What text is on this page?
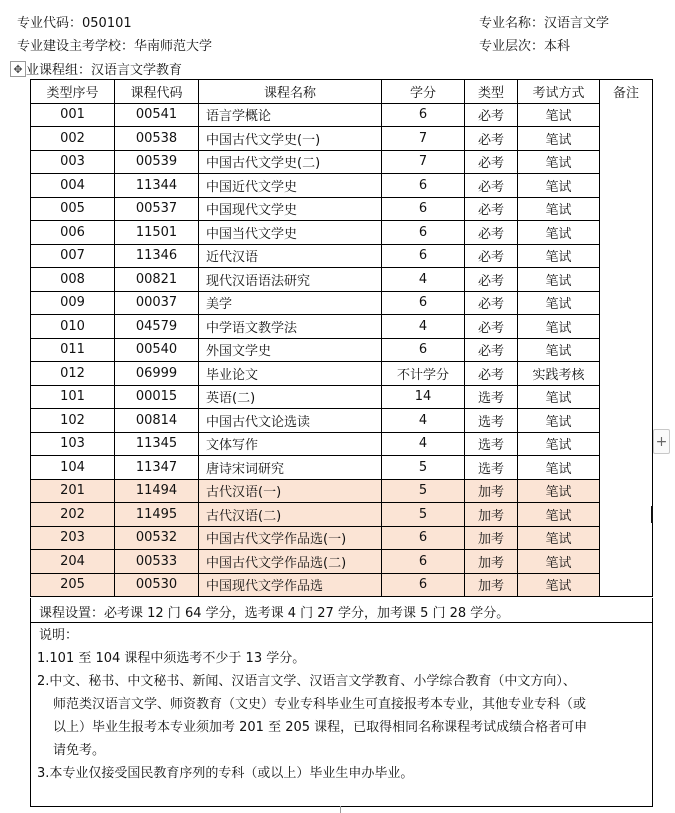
专业代码：050101	专业名称：汉语言文学
专业建设主考学校：华南师范大学	专业层次：本科
✥ 业课程组：汉语言文学教育
类型序号	课程代码	课程名称	学分	类型	考试方式	备注
001	00541	语言学概论	6	必考	笔试	
002	00538	中国古代文学史(一)	7	必考	笔试	
003	00539	中国古代文学史(二)	7	必考	笔试	
004	11344	中国近代文学史	6	必考	笔试	
005	00537	中国现代文学史	6	必考	笔试	
006	11501	中国当代文学史	6	必考	笔试	
007	11346	近代汉语	6	必考	笔试	
008	00821	现代汉语语法研究	4	必考	笔试	
009	00037	美学	6	必考	笔试	
010	04579	中学语文教学法	4	必考	笔试	
011	00540	外国文学史	6	必考	笔试	
012	06999	毕业论文	不计学分	必考	实践考核	
101	00015	英语(二)	14	选考	笔试	
102	00814	中国古代文论选读	4	选考	笔试	
103	11345	文体写作	4	选考	笔试	
104	11347	唐诗宋词研究	5	选考	笔试	
201	11494	古代汉语(一)	5	加考	笔试	
202	11495	古代汉语(二)	5	加考	笔试	
203	00532	中国古代文学作品选(一)	6	加考	笔试	
204	00533	中国古代文学作品选(二)	6	加考	笔试	
205	00530	中国现代文学作品选	6	加考	笔试	
+
课程设置：必考课 12 门 64 学分，选考课 4 门 27 学分，加考课 5 门 28 学分。
说明：
1.101 至 104 课程中须选考不少于 13 学分。
2.中文、秘书、中文秘书、新闻、汉语言文学、汉语言文学教育、小学综合教育（中文方向）、
师范类汉语言文学、师资教育（文史）专业专科毕业生可直接报考本专业，其他专业专科（或
以上）毕业生报考本专业须加考 201 至 205 课程，已取得相同名称课程考试成绩合格者可申
请免考。
3.本专业仅接受国民教育序列的专科（或以上）毕业生申办毕业。
